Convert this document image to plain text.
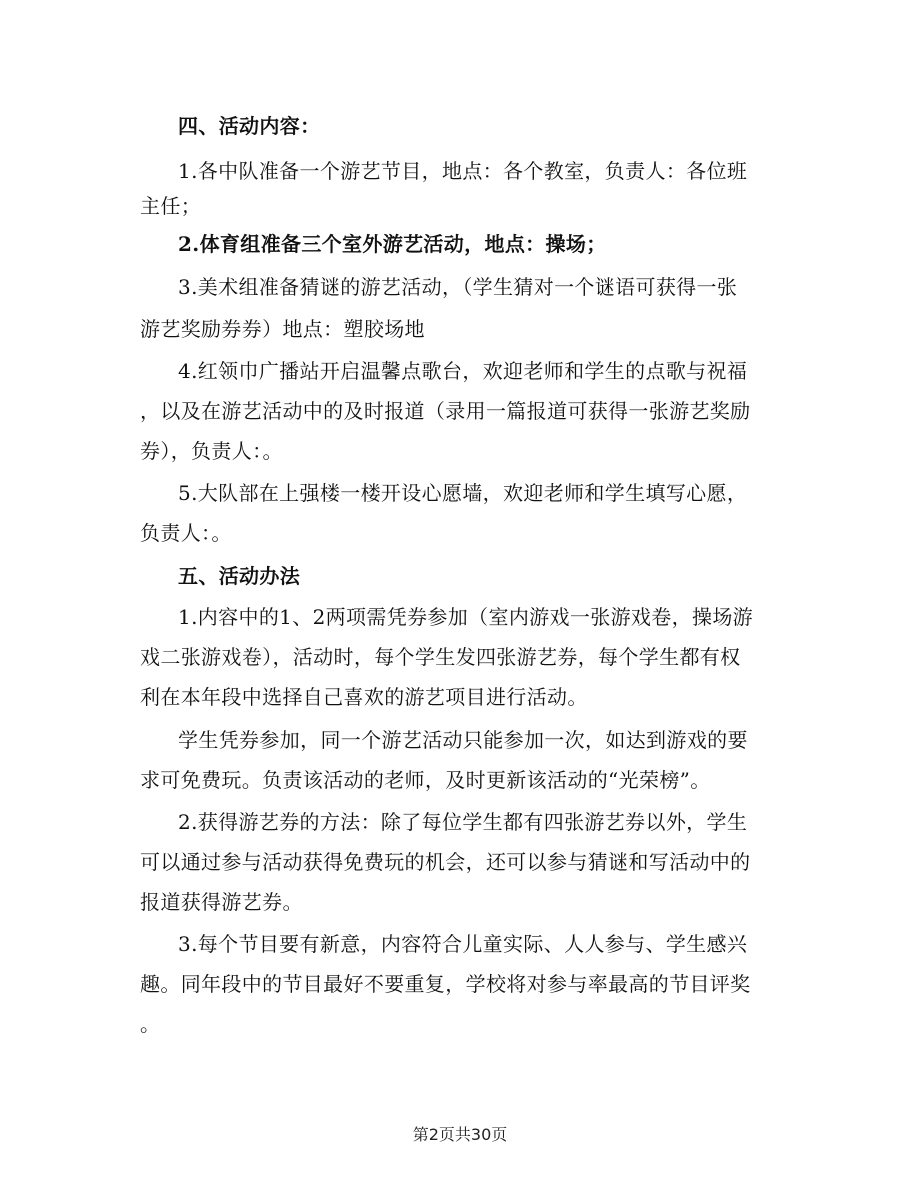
四、活动内容：
1.各中队准备一个游艺节目，地点：各个教室，负责人：各位班
主任；
2.体育组准备三个室外游艺活动，地点：操场；
3.美术组准备猜谜的游艺活动，（学生猜对一个谜语可获得一张
游艺奖励券券）地点：塑胶场地
4.红领巾广播站开启温馨点歌台，欢迎老师和学生的点歌与祝福
，以及在游艺活动中的及时报道（录用一篇报道可获得一张游艺奖励
券），负责人：。
5.大队部在上强楼一楼开设心愿墙，欢迎老师和学生填写心愿，
负责人：。
五、活动办法
1.内容中的1、2两项需凭券参加（室内游戏一张游戏卷，操场游
戏二张游戏卷），活动时，每个学生发四张游艺券，每个学生都有权
利在本年段中选择自己喜欢的游艺项目进行活动。
学生凭券参加，同一个游艺活动只能参加一次，如达到游戏的要
求可免费玩。负责该活动的老师，及时更新该活动的“光荣榜”。
2.获得游艺券的方法：除了每位学生都有四张游艺券以外，学生
可以通过参与活动获得免费玩的机会，还可以参与猜谜和写活动中的
报道获得游艺券。
3.每个节目要有新意，内容符合儿童实际、人人参与、学生感兴
趣。同年段中的节目最好不要重复，学校将对参与率最高的节目评奖
。
第2页共30页
